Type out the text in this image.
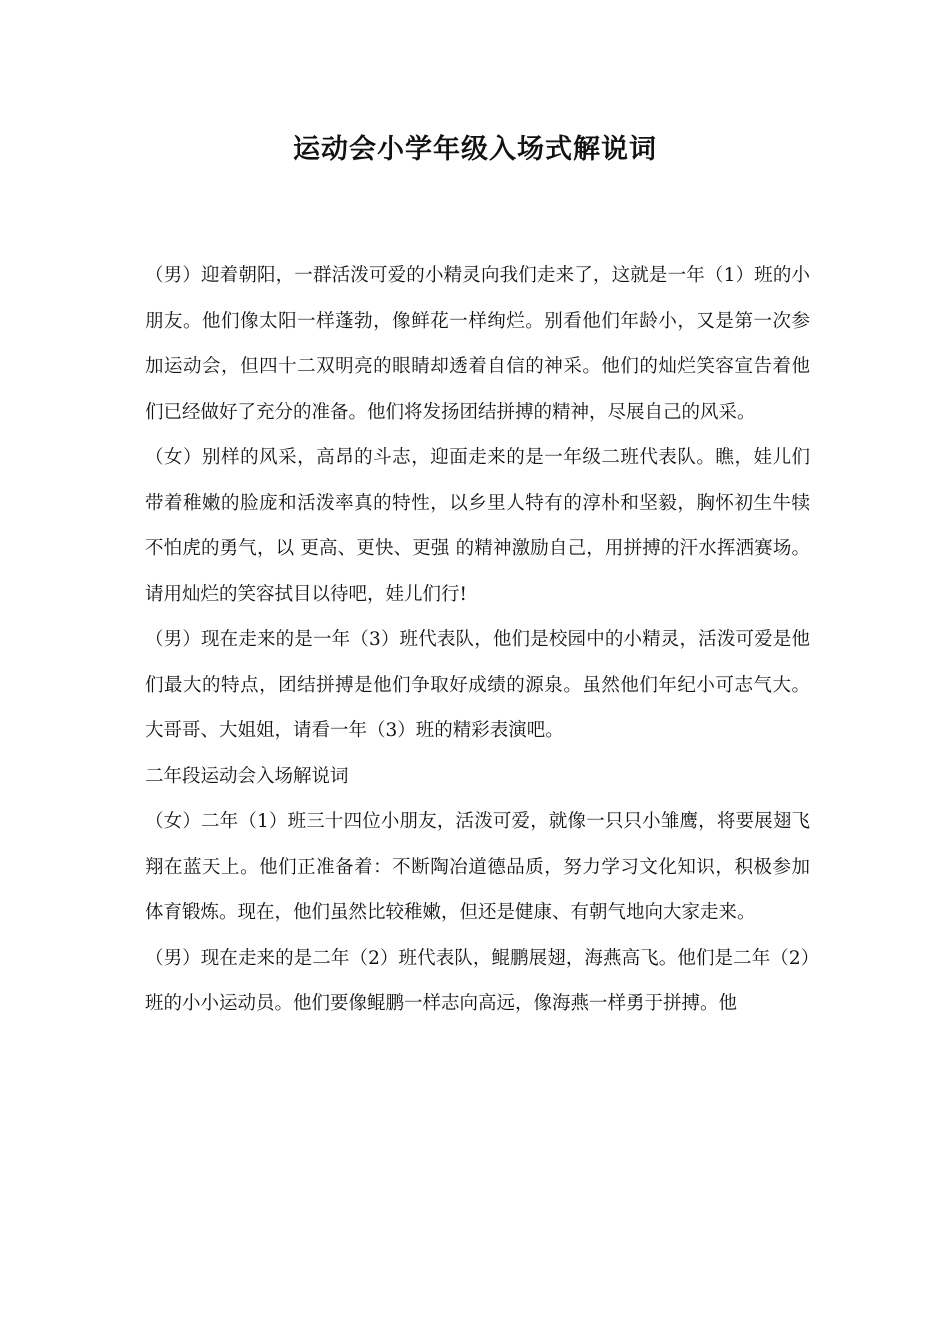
运动会小学年级入场式解说词

（男）迎着朝阳，一群活泼可爱的小精灵向我们走来了，这就是一年（1）班的小朋友。他们像太阳一样蓬勃，像鲜花一样绚烂。别看他们年龄小，又是第一次参加运动会，但四十二双明亮的眼睛却透着自信的神采。他们的灿烂笑容宣告着他们已经做好了充分的准备。他们将发扬团结拼搏的精神，尽展自己的风采。

（女）别样的风采，高昂的斗志，迎面走来的是一年级二班代表队。瞧，娃儿们带着稚嫩的脸庞和活泼率真的特性，以乡里人特有的淳朴和坚毅，胸怀初生牛犊不怕虎的勇气，以 更高、更快、更强 的精神激励自己，用拼搏的汗水挥洒赛场。请用灿烂的笑容拭目以待吧，娃儿们行!

（男）现在走来的是一年（3）班代表队，他们是校园中的小精灵，活泼可爱是他们最大的特点，团结拼搏是他们争取好成绩的源泉。虽然他们年纪小可志气大。大哥哥、大姐姐，请看一年（3）班的精彩表演吧。

二年段运动会入场解说词

（女）二年（1）班三十四位小朋友，活泼可爱，就像一只只小雏鹰，将要展翅飞翔在蓝天上。他们正准备着：不断陶冶道德品质，努力学习文化知识，积极参加体育锻炼。现在，他们虽然比较稚嫩，但还是健康、有朝气地向大家走来。

（男）现在走来的是二年（2）班代表队，鲲鹏展翅，海燕高飞。他们是二年（2）班的小小运动员。他们要像鲲鹏一样志向高远，像海燕一样勇于拼搏。他
